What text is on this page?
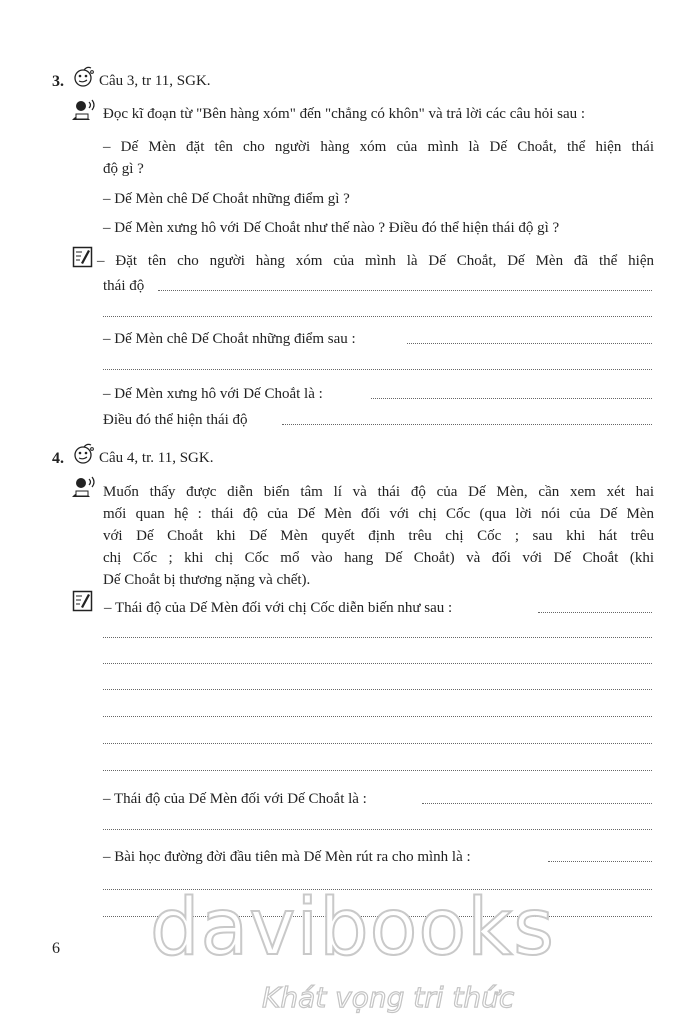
3. Câu 3, tr 11, SGK.
Đọc kĩ đoạn từ "Bên hàng xóm" đến "chẳng có khôn" và trả lời các câu hỏi sau :
– Dế Mèn đặt tên cho người hàng xóm của mình là Dế Choắt, thể hiện thái
độ gì ?
– Dế Mèn chê Dế Choắt những điểm gì ?
– Dế Mèn xưng hô với Dế Choắt như thế nào ? Điều đó thể hiện thái độ gì ?
– Đặt tên cho người hàng xóm của mình là Dế Choắt, Dế Mèn đã thể hiện
thái độ
– Dế Mèn chê Dế Choắt những điểm sau :
– Dế Mèn xưng hô với Dế Choắt là :
Điều đó thể hiện thái độ
4. Câu 4, tr. 11, SGK.
Muốn thấy được diễn biến tâm lí và thái độ của Dế Mèn, cần xem xét hai
mối quan hệ : thái độ của Dế Mèn đối với chị Cốc (qua lời nói của Dế Mèn
với Dế Choắt khi Dế Mèn quyết định trêu chị Cốc ; sau khi hát trêu
chị Cốc ; khi chị Cốc mổ vào hang Dế Choắt) và đối với Dế Choắt (khi
Dế Choắt bị thương nặng và chết).
– Thái độ của Dế Mèn đối với chị Cốc diễn biến như sau :
– Thái độ của Dế Mèn đối với Dế Choắt là :
– Bài học đường đời đầu tiên mà Dế Mèn rút ra cho mình là :
6 davibooks
Khát vọng tri thức
